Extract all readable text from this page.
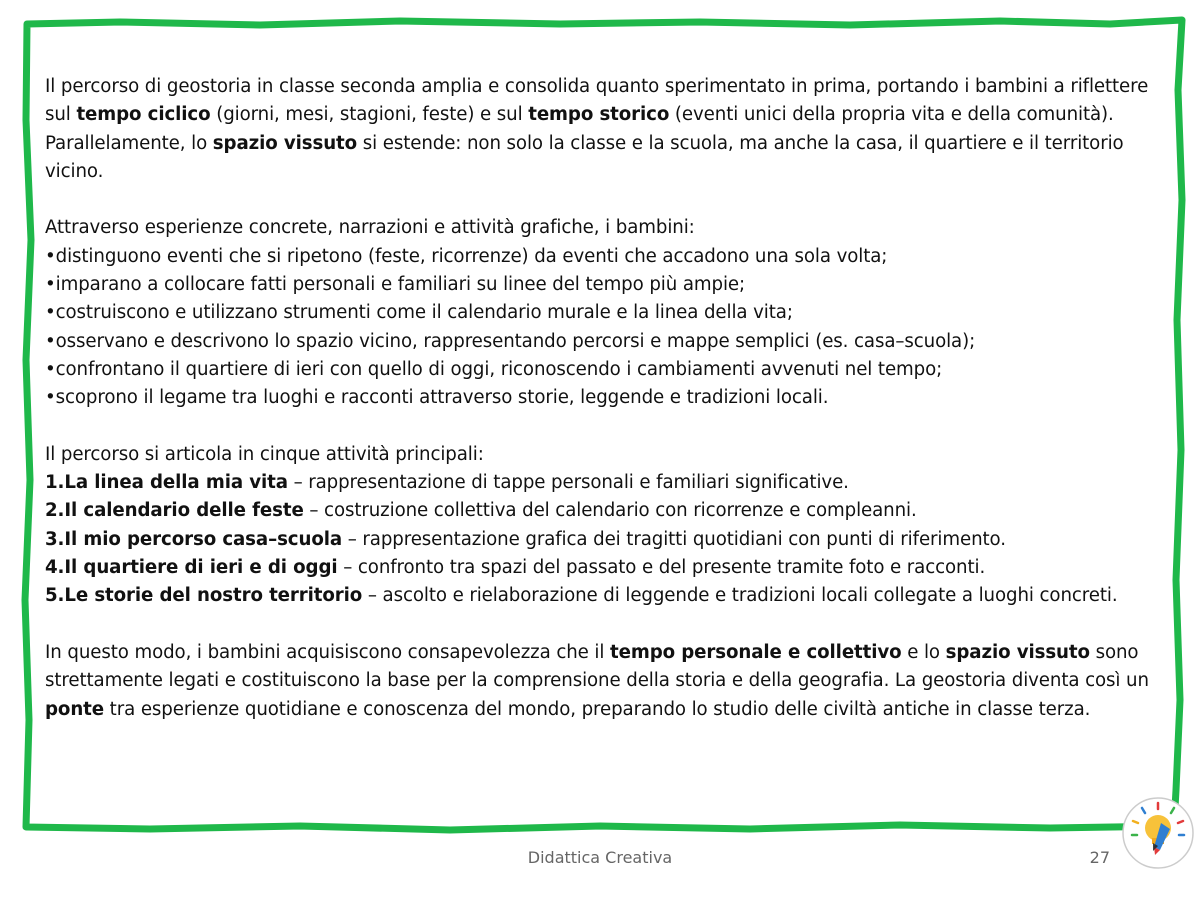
Il percorso di geostoria in classe seconda amplia e consolida quanto sperimentato in prima, portando i bambini a riflettere sul tempo ciclico (giorni, mesi, stagioni, feste) e sul tempo storico (eventi unici della propria vita e della comunità). Parallelamente, lo spazio vissuto si estende: non solo la classe e la scuola, ma anche la casa, il quartiere e il territorio vicino.

Attraverso esperienze concrete, narrazioni e attività grafiche, i bambini:

•distinguono eventi che si ripetono (feste, ricorrenze) da eventi che accadono una sola volta;

•imparano a collocare fatti personali e familiari su linee del tempo più ampie;

•costruiscono e utilizzano strumenti come il calendario murale e la linea della vita;

•osservano e descrivono lo spazio vicino, rappresentando percorsi e mappe semplici (es. casa–scuola);

•confrontano il quartiere di ieri con quello di oggi, riconoscendo i cambiamenti avvenuti nel tempo;

•scoprono il legame tra luoghi e racconti attraverso storie, leggende e tradizioni locali.

Il percorso si articola in cinque attività principali:

1.La linea della mia vita – rappresentazione di tappe personali e familiari significative.

2.Il calendario delle feste – costruzione collettiva del calendario con ricorrenze e compleanni.

3.Il mio percorso casa–scuola – rappresentazione grafica dei tragitti quotidiani con punti di riferimento.

4.Il quartiere di ieri e di oggi – confronto tra spazi del passato e del presente tramite foto e racconti.

5.Le storie del nostro territorio – ascolto e rielaborazione di leggende e tradizioni locali collegate a luoghi concreti.

In questo modo, i bambini acquisiscono consapevolezza che il tempo personale e collettivo e lo spazio vissuto sono strettamente legati e costituiscono la base per la comprensione della storia e della geografia. La geostoria diventa così un ponte tra esperienze quotidiane e conoscenza del mondo, preparando lo studio delle civiltà antiche in classe terza.

Didattica Creativa	27
